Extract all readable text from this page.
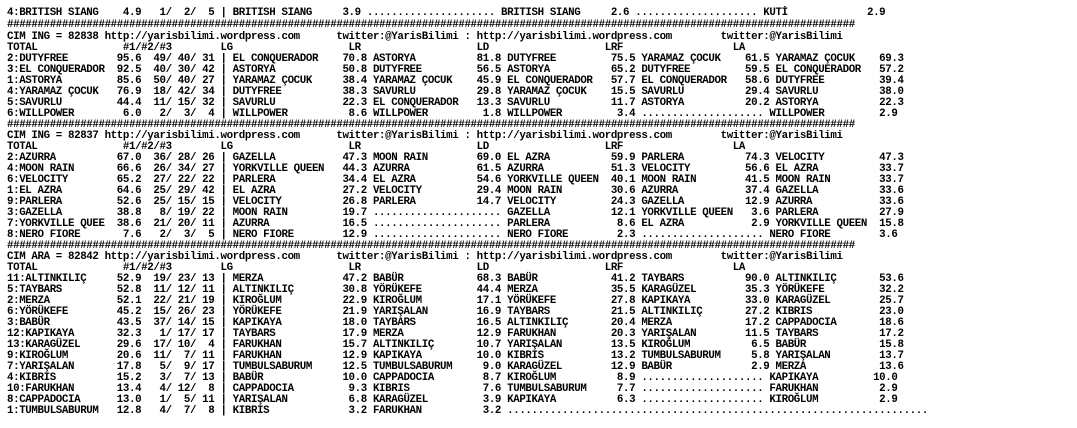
4:BRITISH SIANG    4.9   1/  2/  5 | BRITISH SIANG     3.9 ..................... BRITISH SIANG     2.6 .................... KUTİ             2.9
###########################################################################################################################################
CIM ING = 82838 http://yarisbilimi.wordpress.com      twitter:@YarisBilimi : http://yarisbilimi.wordpress.com        twitter:@YarisBilimi
TOTAL              #1/#2/#3        LG                   LR                   LD                   LRF                  LA
2:DUTYFREE        95.6  49/ 40/ 31 | EL CONQUERADOR    70.8 ASTORYA          81.8 DUTYFREE         75.5 YARAMAZ ÇOCUK    61.5 YARAMAZ ÇOCUK    69.3
3:EL CONQUERADOR  92.5  40/ 30/ 42 | ASTORYA           50.8 DUTYFREE         56.5 ASTORYA          65.2 DUTYFREE         59.5 EL CONQUERADOR   57.2
1:ASTORYA         85.6  50/ 40/ 27 | YARAMAZ ÇOCUK     38.4 YARAMAZ ÇOCUK    45.9 EL CONQUERADOR   57.7 EL CONQUERADOR   58.6 DUTYFREE         39.4
4:YARAMAZ ÇOCUK   76.9  18/ 42/ 34 | DUTYFREE          38.3 SAVURLU          29.8 YARAMAZ ÇOCUK    15.5 SAVURLU          29.4 SAVURLU          38.0
5:SAVURLU         44.4  11/ 15/ 32 | SAVURLU           22.3 EL CONQUERADOR   13.3 SAVURLU          11.7 ASTORYA          20.2 ASTORYA          22.3
6:WILLPOWER        6.0   2/  3/  4 | WILLPOWER          8.6 WILLPOWER         1.8 WILLPOWER         3.4 .................... WILLPOWER         2.9
###########################################################################################################################################
CIM ING = 82837 http://yarisbilimi.wordpress.com      twitter:@YarisBilimi : http://yarisbilimi.wordpress.com        twitter:@YarisBilimi
TOTAL              #1/#2/#3        LG                   LR                   LD                   LRF                  LA
2:AZURRA          67.0  36/ 28/ 26 | GAZELLA           47.3 MOON RAIN        69.0 EL AZRA          59.9 PARLERA          74.3 VELOCITY         47.3
4:MOON RAIN       66.6  26/ 34/ 27 | YORKVILLE QUEEN   44.3 AZURRA           61.5 AZURRA           51.3 VELOCITY         56.6 EL AZRA          33.7
6:VELOCITY        65.2  27/ 22/ 22 | PARLERA           34.4 EL AZRA          54.6 YORKVILLE QUEEN  40.1 MOON RAIN        41.5 MOON RAIN        33.7
1:EL AZRA         64.6  25/ 29/ 42 | EL AZRA           27.2 VELOCITY         29.4 MOON RAIN        30.6 AZURRA           37.4 GAZELLA          33.6
9:PARLERA         52.6  25/ 15/ 15 | VELOCITY          26.8 PARLERA          14.7 VELOCITY         24.3 GAZELLA          12.9 AZURRA           33.6
3:GAZELLA         38.8   8/ 19/ 22 | MOON RAIN         19.7 ..................... GAZELLA          12.1 YORKVILLE QUEEN   3.6 PARLERA          27.9
7:YORKVILLE QUEE  38.6  21/ 20/ 11 | AZURRA            16.5 ..................... PARLERA           8.6 EL AZRA           2.9 YORKVILLE QUEEN  15.8
8:NERO FIORE       7.6   2/  3/  5 | NERO FIORE        12.9 ..................... NERO FIORE        2.3 .................... NERO FIORE        3.6
###########################################################################################################################################
CIM ARA = 82842 http://yarisbilimi.wordpress.com      twitter:@YarisBilimi : http://yarisbilimi.wordpress.com        twitter:@YarisBilimi
TOTAL              #1/#2/#3        LG                   LR                   LD                   LRF                  LA
11:ALTINKILIÇ     52.9  19/ 23/ 13 | MERZA             47.2 BABÜR            68.3 BABÜR            41.2 TAYBARS          90.0 ALTINKILIÇ       53.6
5:TAYBARS         52.8  11/ 12/ 11 | ALTINKILIÇ        30.8 YÖRÜKEFE         44.4 MERZA            35.5 KARAGÜZEL        35.3 YÖRÜKEFE         32.2
2:MERZA           52.1  22/ 21/ 19 | KIROĞLUM          22.9 KIROĞLUM         17.1 YÖRÜKEFE         27.8 KAPIKAYA         33.0 KARAGÜZEL        25.7
6:YÖRÜKEFE        45.2  15/ 26/ 23 | YÖRÜKEFE          21.9 YARIŞALAN        16.9 TAYBARS          21.5 ALTINKILIÇ       27.2 KIBRIS           23.0
3:BABÜR           43.5  37/ 14/ 15 | KAPIKAYA          18.0 TAYBARS          16.5 ALTINKILIÇ       20.4 MERZA            17.2 CAPPADOCIA       18.6
12:KAPIKAYA       32.3   1/ 17/ 17 | TAYBARS           17.9 MERZA            12.9 FARUKHAN         20.3 YARIŞALAN        11.5 TAYBARS          17.2
13:KARAGÜZEL      29.6  17/ 10/  4 | FARUKHAN          15.7 ALTINKILIÇ       10.7 YARIŞALAN        13.5 KIROĞLUM          6.5 BABÜR            15.8
9:KIROĞLUM        20.6  11/  7/ 11 | FARUKHAN          12.9 KAPIKAYA         10.0 KIBRIS           13.2 TUMBULSABURUM     5.8 YARIŞALAN        13.7
7:YARIŞALAN       17.8   5/  9/ 17 | TUMBULSABURUM     12.5 TUMBULSABURUM     9.0 KARAGÜZEL        12.9 BABÜR             2.9 MERZA            13.6
4:KIBRIS          15.2   3/  7/ 13 | BABÜR             10.0 CAPPADOCIA        8.7 KIROĞLUM          8.9 .................... KAPIKAYA         10.0
10:FARUKHAN       13.4   4/ 12/  8 | CAPPADOCIA         9.3 KIBRIS            7.6 TUMBULSABURUM     7.7 .................... FARUKHAN          2.9
8:CAPPADOCIA      13.0   1/  5/ 11 | YARIŞALAN          6.8 KARAGÜZEL         3.9 KAPIKAYA          6.3 .................... KIROĞLUM          2.9
1:TUMBULSABURUM   12.8   4/  7/  8 | KIBRIS             3.2 FARUKHAN          3.2 .....................................................................
